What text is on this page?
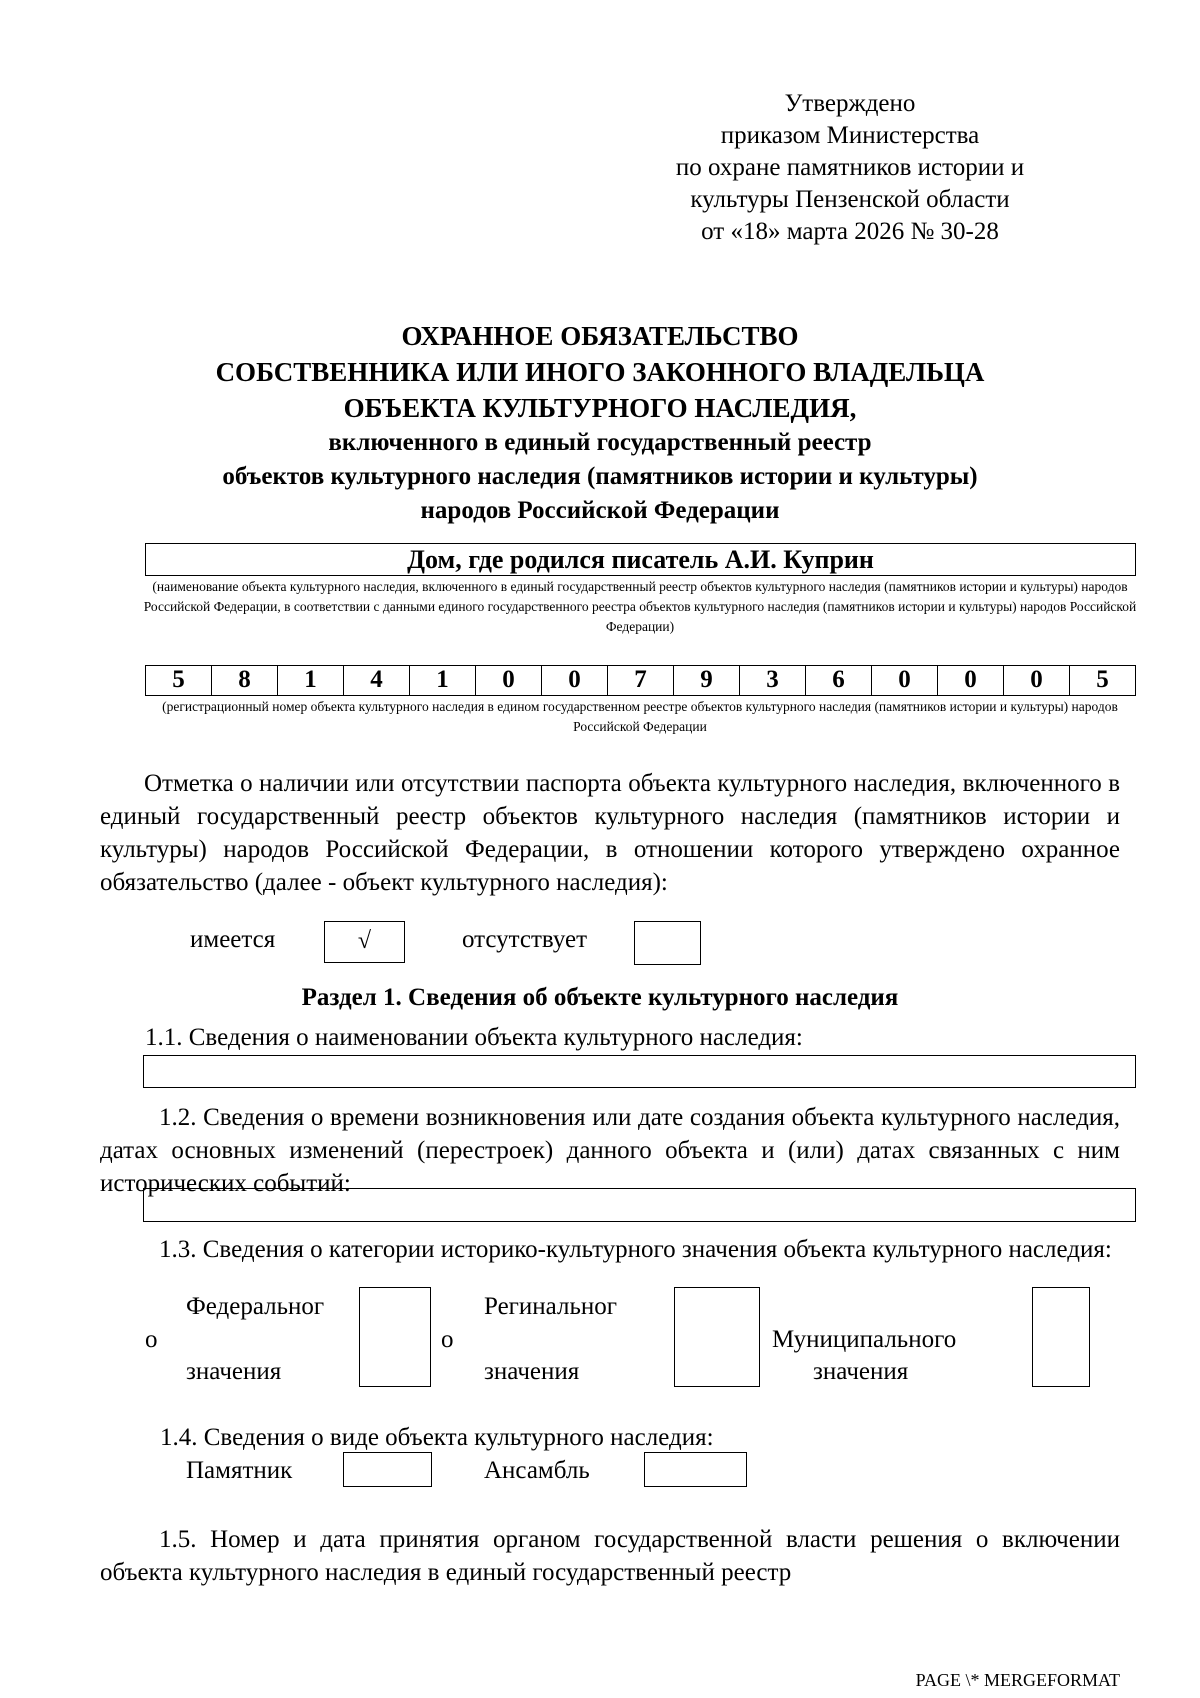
Утверждено
приказом Министерства
по охране памятников истории и
культуры Пензенской области
от «18» марта 2026 № 30-28
ОХРАННОЕ ОБЯЗАТЕЛЬСТВО
СОБСТВЕННИКА ИЛИ ИНОГО ЗАКОННОГО ВЛАДЕЛЬЦА
ОБЪЕКТА КУЛЬТУРНОГО НАСЛЕДИЯ,
включенного в единый государственный реестр
объектов культурного наследия (памятников истории и культуры)
народов Российской Федерации
Дом, где родился писатель А.И. Куприн
(наименование объекта культурного наследия, включенного в единый государственный реестр объектов культурного наследия (памятников истории и культуры) народов Российской Федерации, в соответствии с данными единого государственного реестра объектов культурного наследия (памятников истории и культуры) народов Российской Федерации)
5	8	1	4	1	0	0	7	9	3	6	0	0	0	5
(регистрационный номер объекта культурного наследия в едином государственном реестре объектов культурного наследия (памятников истории и культуры) народов Российской Федерации
Отметка о наличии или отсутствии паспорта объекта культурного наследия, включенного в единый государственный реестр объектов культурного наследия (памятников истории и культуры) народов Российской Федерации, в отношении которого утверждено охранное обязательство (далее - объект культурного наследия):
имеется	√	отсутствует
Раздел 1. Сведения об объекте культурного наследия
1.1. Сведения о наименовании объекта культурного наследия:
1.2. Сведения о времени возникновения или дате создания объекта культурного наследия, датах основных изменений (перестроек) данного объекта и (или) датах связанных с ним исторических событий:
1.3. Сведения о категории историко-культурного значения объекта культурного наследия:
Федеральног
о
значения
Регинальног
о
значения
Муниципального
значения
1.4. Сведения о виде объекта культурного наследия:
Памятник	Ансамбль
1.5. Номер и дата принятия органом государственной власти решения о включении объекта культурного наследия в единый государственный реестр
PAGE \* MERGEFORMAT
